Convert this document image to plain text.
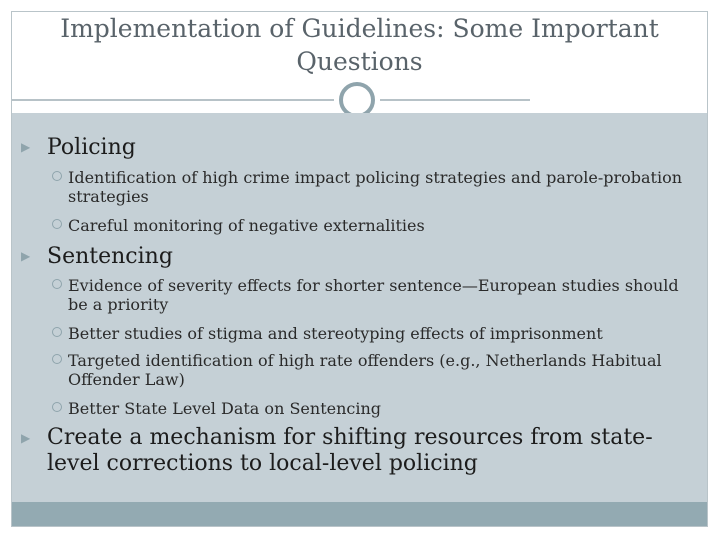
Implementation of Guidelines: Some Important Questions
▶ Policing
Identification of high crime impact policing strategies and parole-probation strategies
Careful monitoring of negative externalities
▶ Sentencing
Evidence of severity effects for shorter sentence—European studies should be a priority
Better studies of stigma and stereotyping effects of imprisonment
Targeted identification of high rate offenders (e.g., Netherlands Habitual Offender Law)
Better State Level Data on Sentencing
▶ Create a mechanism for shifting resources from state-level corrections to local-level policing
